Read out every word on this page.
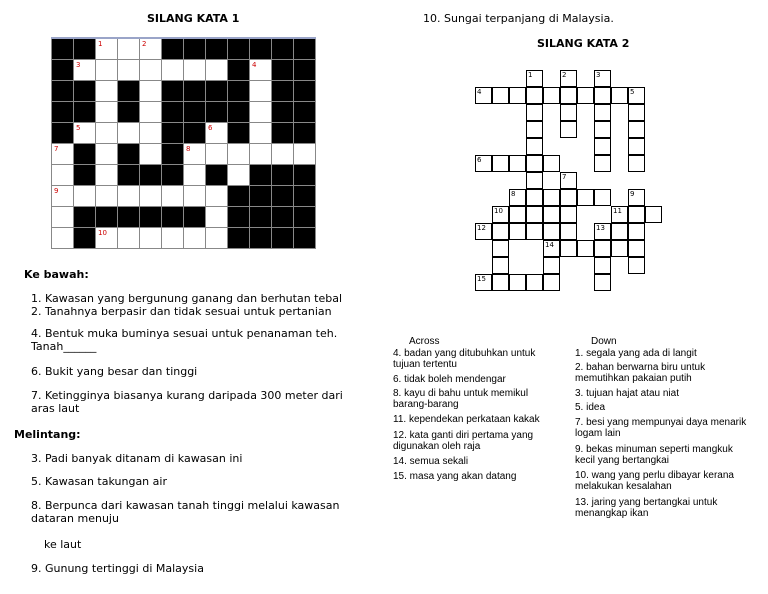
SILANG KATA 1

		1		2							

	3								4		

	5						6				

7						8					

9											

		10									

Ke bawah:
1. Kawasan yang bergunung ganang dan berhutan tebal
2. Tanahnya berpasir dan tidak sesuai untuk pertanian
4. Bentuk muka buminya sesuai untuk penanaman teh. Tanah______
6. Bukit yang besar dan tinggi
7. Ketingginya biasanya kurang daripada 300 meter dari aras laut
Melintang:
3. Padi banyak ditanam di kawasan ini
5. Kawasan takungan air
8. Berpunca dari kawasan tanah tinggi melalui kawasan dataran menuju
ke laut
9. Gunung tertinggi di Malaysia
10. Sungai terpanjang di Malaysia.
SILANG KATA 2
1	2	3
4	5
6
7
8	9
10	11
12	13
14
15
Across	Down
4. badan yang ditubuhkan untuk tujuan tertentu
6. tidak boleh mendengar
8. kayu di bahu untuk memikul barang-barang
11. kependekan perkataan kakak
12. kata ganti diri pertama yang digunakan oleh raja
14. semua sekali
15. masa yang akan datang
1. segala yang ada di langit
2. bahan berwarna biru untuk memutihkan pakaian putih
3. tujuan hajat atau niat
5. idea
7. besi yang mempunyai daya menarik logam lain
9. bekas minuman seperti mangkuk kecil yang bertangkai
10. wang yang perlu dibayar kerana melakukan kesalahan
13. jaring yang bertangkai untuk menangkap ikan
